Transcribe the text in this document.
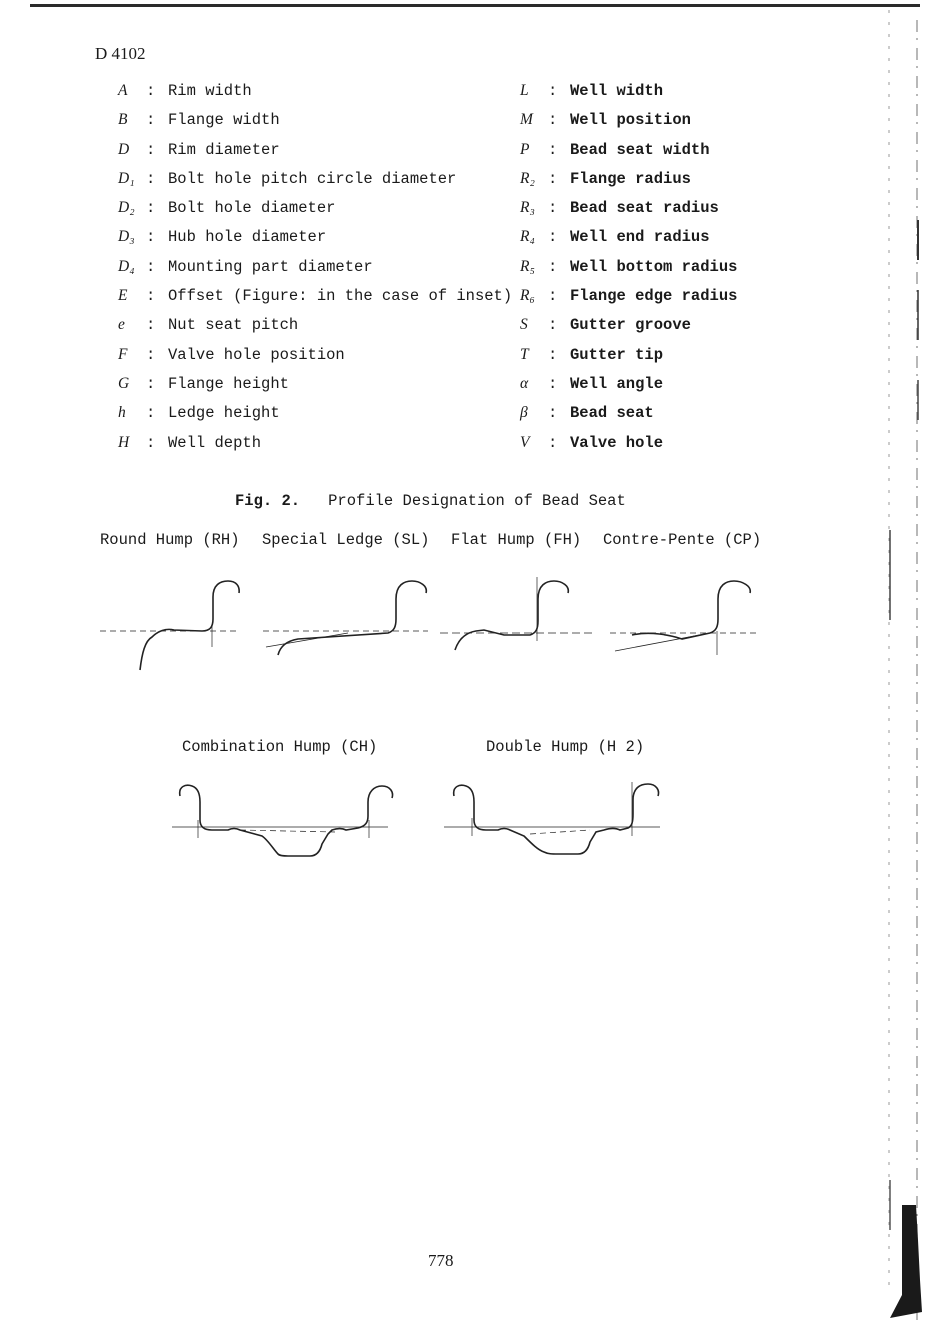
D 4102
A	: Rim width
B	: Flange width
D	: Rim diameter
D₁ : Bolt hole pitch circle diameter
D₂ : Bolt hole diameter
D₃ : Hub hole diameter
D₄ : Mounting part diameter
E	: Offset (Figure: in the case of inset)
e	: Nut seat pitch
F	: Valve hole position
G	: Flange height
h	: Ledge height
H	: Well depth
L	: Well width
M : Well position
P	: Bead seat width
R₂ : Flange radius
R₃ : Bead seat radius
R₄ : Well end radius
R₅ : Well bottom radius
R₆ : Flange edge radius
S	: Gutter groove
T	: Gutter tip
α	: Well angle
β	: Bead seat
V	: Valve hole
Fig. 2. Profile Designation of Bead Seat
Round Hump (RH) Special Ledge (SL) Flat Hump (FH) Contre-Pente (CP)
Combination Hump (CH)	Double Hump (H 2)
778
